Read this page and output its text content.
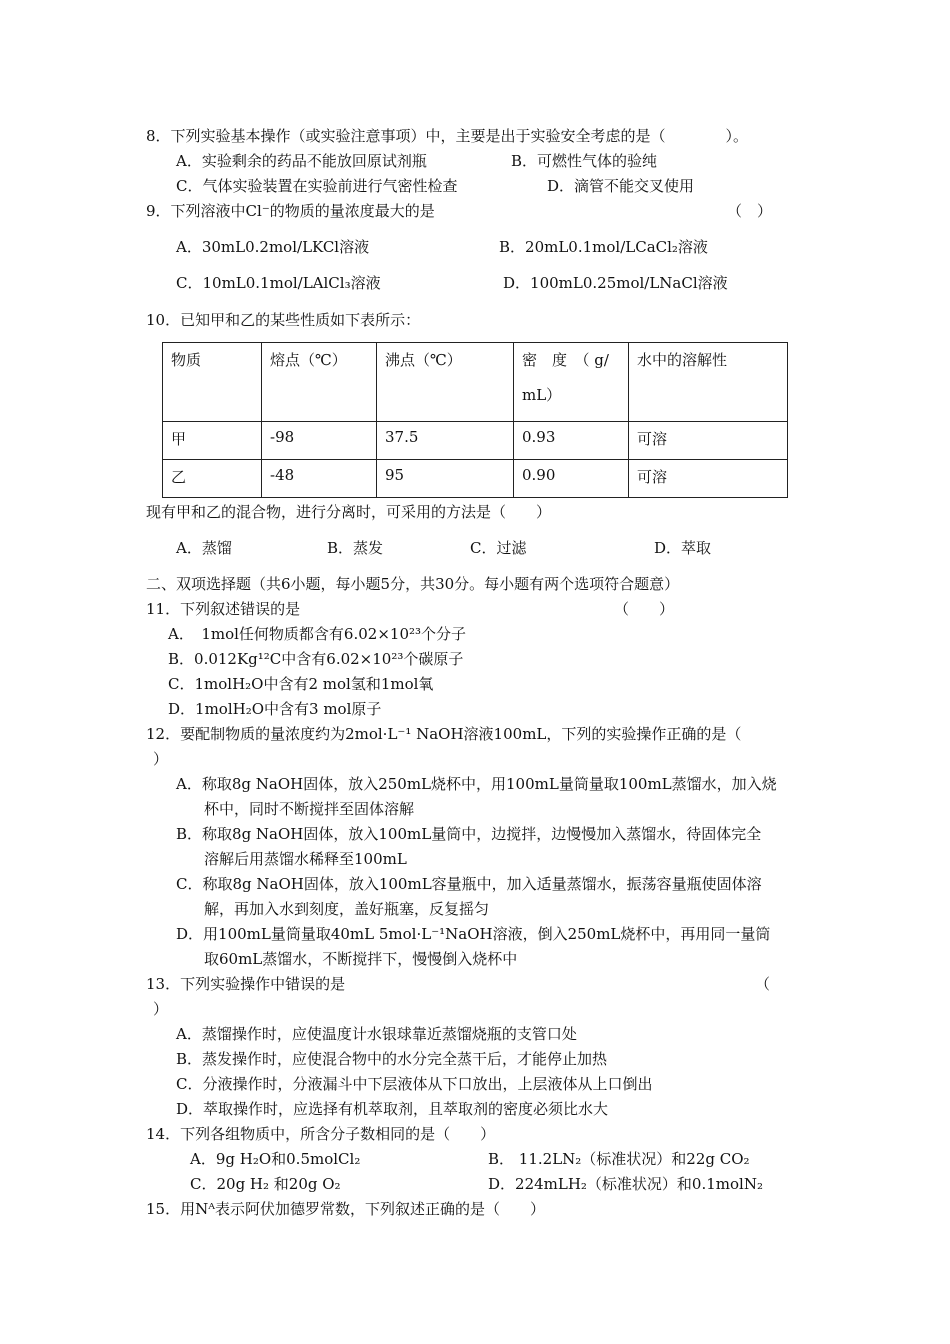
8．下列实验基本操作（或实验注意事项）中，主要是出于实验安全考虑的是（　　　　）。
A．实验剩余的药品不能放回原试剂瓶	B．可燃性气体的验纯
C．气体实验装置在实验前进行气密性检查	D．滴管不能交叉使用
9．下列溶液中Cl⁻的物质的量浓度最大的是	（　）
A．30mL0.2mol/LKCl溶液	B．20mL0.1mol/LCaCl₂溶液
C．10mL0.1mol/LAlCl₃溶液	D．100mL0.25mol/LNaCl溶液
10．已知甲和乙的某些性质如下表所示：
物质	熔点（℃）	沸点（℃）	密　度　（ g/
mL）	水中的溶解性
甲	-98	37.5	0.93	可溶
乙	-48	95	0.90	可溶
现有甲和乙的混合物，进行分离时，可采用的方法是（　　）
A．蒸馏	B．蒸发	C．过滤	D．萃取
二、双项选择题（共6小题，每小题5分，共30分。每小题有两个选项符合题意）
11．下列叙述错误的是	（　　）
A．　1mol任何物质都含有6.02×10²³个分子
B．0.012Kg¹²C中含有6.02×10²³个碳原子
C．1molH₂O中含有2 mol氢和1mol氧
D．1molH₂O中含有3 mol原子
12．要配制物质的量浓度约为2mol·L⁻¹ NaOH溶液100mL，下列的实验操作正确的是（
）
A．称取8g NaOH固体，放入250mL烧杯中，用100mL量筒量取100mL蒸馏水，加入烧
杯中，同时不断搅拌至固体溶解
B．称取8g NaOH固体，放入100mL量筒中，边搅拌，边慢慢加入蒸馏水，待固体完全
溶解后用蒸馏水稀释至100mL
C．称取8g NaOH固体，放入100mL容量瓶中，加入适量蒸馏水，振荡容量瓶使固体溶
解，再加入水到刻度，盖好瓶塞，反复摇匀
D．用100mL量筒量取40mL 5mol·L⁻¹NaOH溶液，倒入250mL烧杯中，再用同一量筒
取60mL蒸馏水，不断搅拌下，慢慢倒入烧杯中
13．下列实验操作中错误的是	（
）
A．蒸馏操作时，应使温度计水银球靠近蒸馏烧瓶的支管口处
B．蒸发操作时，应使混合物中的水分完全蒸干后，才能停止加热
C．分液操作时，分液漏斗中下层液体从下口放出，上层液体从上口倒出
D．萃取操作时，应选择有机萃取剂，且萃取剂的密度必须比水大
14．下列各组物质中，所含分子数相同的是（　　）
A．9g H₂O和0.5molCl₂	B． 11.2LN₂（标准状况）和22g CO₂
C．20g H₂ 和20g O₂	D．224mLH₂（标准状况）和0.1molN₂
15．用Nᴬ表示阿伏加德罗常数，下列叙述正确的是（　　）
